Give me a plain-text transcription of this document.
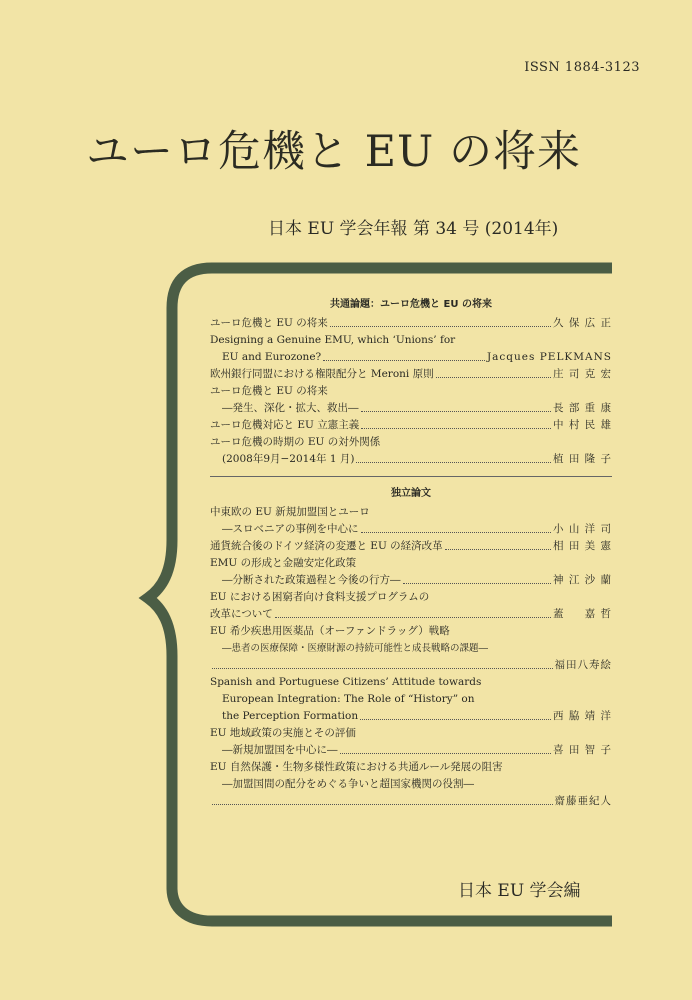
ISSN 1884-3123
ユーロ危機と EU の将来
日本 EU 学会年報 第 34 号 (2014年)
共通論題：ユーロ危機と EU の将来
ユーロ危機と EU の将来	久 保 広 正
Designing a Genuine EMU, which ‘Unions’ for
EU and Eurozone?	Jacques PELKMANS
欧州銀行同盟における権限配分と Meroni 原則	庄 司 克 宏
ユーロ危機と EU の将来
―発生、深化・拡大、救出―	長 部 重 康
ユーロ危機対応と EU 立憲主義	中 村 民 雄
ユーロ危機の時期の EU の対外関係
(2008年9月−2014年 1 月)	植 田 隆 子
独立論文
中東欧の EU 新規加盟国とユーロ
―スロベニアの事例を中心に	小 山 洋 司
通貨統合後のドイツ経済の変遷と EU の経済改革	相 田 美 憲
EMU の形成と金融安定化政策
―分断された政策過程と今後の行方―	神 江 沙 蘭
EU における困窮者向け食料支援プログラムの
改革について	蓋 　 嘉 哲
EU 希少疾患用医薬品（オーファンドラッグ）戦略
―患者の医療保障・医療財源の持続可能性と成長戦略の課題―
福田八寿絵
Spanish and Portuguese Citizens’ Attitude towards
European Integration: The Role of “History” on
the Perception Formation	西 脇 靖 洋
EU 地域政策の実施とその評価
―新規加盟国を中心に―	喜 田 智 子
EU 自然保護・生物多様性政策における共通ルール発展の阻害
―加盟国間の配分をめぐる争いと超国家機関の役割―
齋藤亜紀人
日本 EU 学会編
